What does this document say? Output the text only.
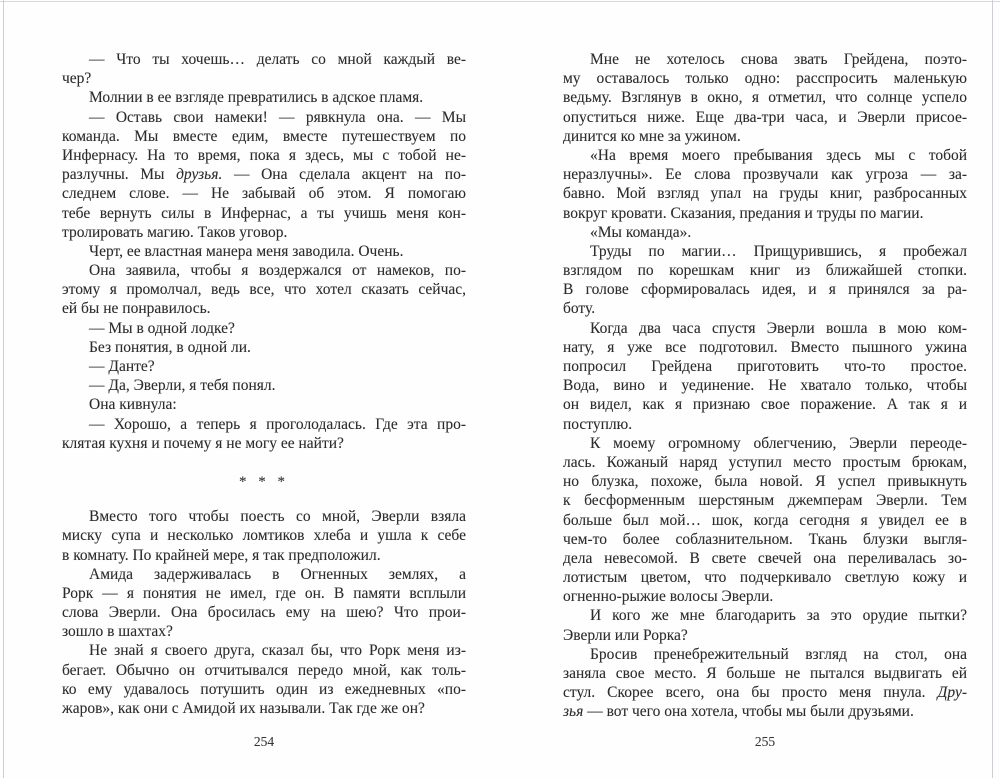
— Что ты хочешь… делать со мной каждый ве-
чер?
Молнии в ее взгляде превратились в адское пламя.
— Оставь свои намеки! — рявкнула она. — Мы
команда. Мы вместе едим, вместе путешествуем по
Инфернасу. На то время, пока я здесь, мы с тобой не-
разлучны. Мы друзья. — Она сделала акцент на по-
следнем слове. — Не забывай об этом. Я помогаю
тебе вернуть силы в Инфернас, а ты учишь меня кон-
тролировать магию. Таков уговор.
Черт, ее властная манера меня заводила. Очень.
Она заявила, чтобы я воздержался от намеков, по-
этому я промолчал, ведь все, что хотел сказать сейчас,
ей бы не понравилось.
— Мы в одной лодке?
Без понятия, в одной ли.
— Данте?
— Да, Эверли, я тебя понял.
Она кивнула:
— Хорошо, а теперь я проголодалась. Где эта про-
клятая кухня и почему я не могу ее найти?
* * *
Вместо того чтобы поесть со мной, Эверли взяла
миску супа и несколько ломтиков хлеба и ушла к себе
в комнату. По крайней мере, я так предположил.
Амида задерживалась в Огненных землях, а
Рорк — я понятия не имел, где он. В памяти всплыли
слова Эверли. Она бросилась ему на шею? Что прои-
зошло в шахтах?
Не знай я своего друга, сказал бы, что Рорк меня из-
бегает. Обычно он отчитывался передо мной, как толь-
ко ему удавалось потушить один из ежедневных «по-
жаров», как они с Амидой их называли. Так где же он?
Мне не хотелось снова звать Грейдена, поэто-
му оставалось только одно: расспросить маленькую
ведьму. Взглянув в окно, я отметил, что солнце успело
опуститься ниже. Еще два-три часа, и Эверли присое-
динится ко мне за ужином.
«На время моего пребывания здесь мы с тобой
неразлучны». Ее слова прозвучали как угроза — за-
бавно. Мой взгляд упал на груды книг, разбросанных
вокруг кровати. Сказания, предания и труды по магии.
«Мы команда».
Труды по магии… Прищурившись, я пробежал
взглядом по корешкам книг из ближайшей стопки.
В голове сформировалась идея, и я принялся за ра-
боту.
Когда два часа спустя Эверли вошла в мою ком-
нату, я уже все подготовил. Вместо пышного ужина
попросил Грейдена приготовить что-то простое.
Вода, вино и уединение. Не хватало только, чтобы
он видел, как я признаю свое поражение. А так я и
поступлю.
К моему огромному облегчению, Эверли переоде-
лась. Кожаный наряд уступил место простым брюкам,
но блузка, похоже, была новой. Я успел привыкнуть
к бесформенным шерстяным джемперам Эверли. Тем
больше был мой… шок, когда сегодня я увидел ее в
чем-то более соблазнительном. Ткань блузки выгля-
дела невесомой. В свете свечей она переливалась зо-
лотистым цветом, что подчеркивало светлую кожу и
огненно-рыжие волосы Эверли.
И кого же мне благодарить за это орудие пытки?
Эверли или Рорка?
Бросив пренебрежительный взгляд на стол, она
заняла свое место. Я больше не пытался выдвигать ей
стул. Скорее всего, она бы просто меня пнула. Дру-
зья — вот чего она хотела, чтобы мы были друзьями.
254	255
